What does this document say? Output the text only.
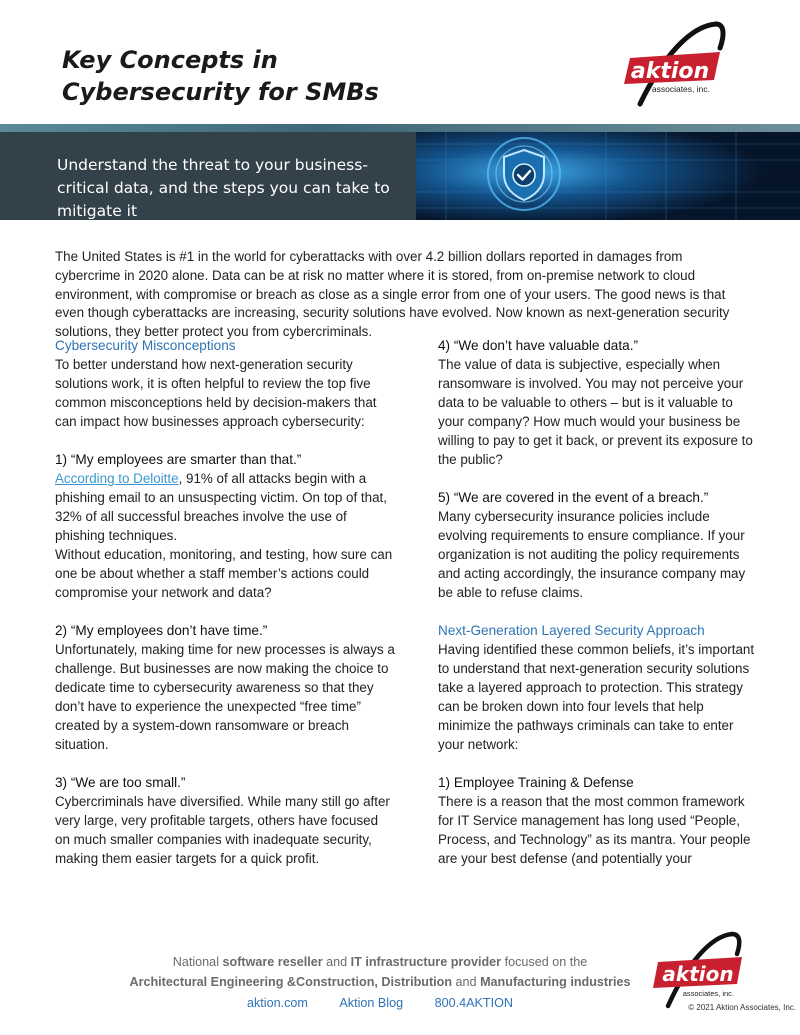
Key Concepts in
Cybersecurity for SMBs
aktion
associates, inc.
Understand the threat to your business-critical data, and the steps you can take to mitigate it

The United States is #1 in the world for cyberattacks with over 4.2 billion dollars reported in damages from cybercrime in 2020 alone. Data can be at risk no matter where it is stored, from on-premise network to cloud environment, with compromise or breach as close as a single error from one of your users. The good news is that even though cyberattacks are increasing, security solutions have evolved. Now known as next-generation security solutions, they better protect you from cybercriminals.

Cybersecurity Misconceptions

To better understand how next-generation security solutions work, it is often helpful to review the top five common misconceptions held by decision-makers that can impact how businesses approach cybersecurity:

1) “My employees are smarter than that.”

According to Deloitte, 91% of all attacks begin with a phishing email to an unsuspecting victim. On top of that, 32% of all successful breaches involve the use of phishing techniques.

Without education, monitoring, and testing, how sure can one be about whether a staff member’s actions could compromise your network and data?

2) “My employees don’t have time.”

Unfortunately, making time for new processes is always a challenge. But businesses are now making the choice to dedicate time to cybersecurity awareness so that they don’t have to experience the unexpected “free time” created by a system-down ransomware or breach situation.

3) “We are too small.”

Cybercriminals have diversified. While many still go after very large, very profitable targets, others have focused on much smaller companies with inadequate security, making them easier targets for a quick profit.

4) “We don’t have valuable data.”

The value of data is subjective, especially when ransomware is involved. You may not perceive your data to be valuable to others – but is it valuable to your company? How much would your business be willing to pay to get it back, or prevent its exposure to the public?

5) “We are covered in the event of a breach.”

Many cybersecurity insurance policies include evolving requirements to ensure compliance. If your organization is not auditing the policy requirements and acting accordingly, the insurance company may be able to refuse claims.

Next-Generation Layered Security Approach

Having identified these common beliefs, it’s important to understand that next-generation security solutions take a layered approach to protection. This strategy can be broken down into four levels that help minimize the pathways criminals can take to enter your network:

1) Employee Training & Defense

There is a reason that the most common framework for IT Service management has long used “People, Process, and Technology” as its mantra. Your people are your best defense (and potentially your

National software reseller and IT infrastructure provider focused on the
Architectural Engineering &Construction, Distribution and Manufacturing industries
aktion.com	Aktion Blog	800.4AKTION
aktion
associates, inc.
© 2021 Aktion Associates, Inc.
